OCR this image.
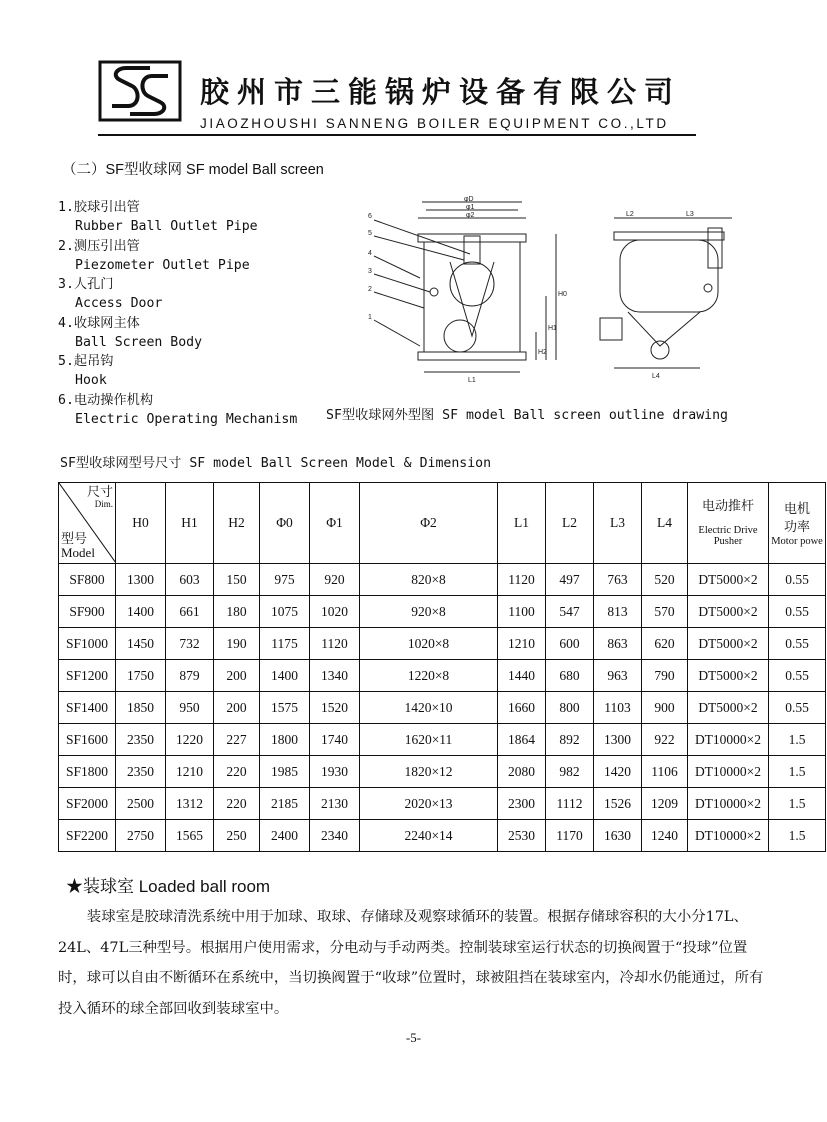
胶州市三能锅炉设备有限公司
JIAOZHOUSHI SANNENG BOILER EQUIPMENT CO.,LTD
（二）SF型收球网 SF model Ball screen
1.胶球引出管
Rubber Ball Outlet Pipe
2.测压引出管
Piezometer Outlet Pipe
3.人孔门
Access Door
4.收球网主体
Ball Screen Body
5.起吊钩
Hook
6.电动操作机构
Electric Operating Mechanism
φD
φ1
φ2
L1
H0
H1
H2
6
5
4
3
2
1
L2	L3
L4
SF型收球网外型图 SF model Ball screen outline drawing
SF型收球网型号尺寸 SF model Ball Screen Model & Dimension
尺寸
Dim.
型号
Model	H0	H1	H2	Φ0	Φ1	Φ2	L1	L2	L3	L4	电动推杆
Electric Drive
Pusher	电机
功率
Motor powe

SF800	1300	603	150	975	920	820×8	1120	497	763	520	DT5000×2	0.55
SF900	1400	661	180	1075	1020	920×8	1100	547	813	570	DT5000×2	0.55
SF1000	1450	732	190	1175	1120	1020×8	1210	600	863	620	DT5000×2	0.55
SF1200	1750	879	200	1400	1340	1220×8	1440	680	963	790	DT5000×2	0.55
SF1400	1850	950	200	1575	1520	1420×10	1660	800	1103	900	DT5000×2	0.55
SF1600	2350	1220	227	1800	1740	1620×11	1864	892	1300	922	DT10000×2	1.5
SF1800	2350	1210	220	1985	1930	1820×12	2080	982	1420	1106	DT10000×2	1.5
SF2000	2500	1312	220	2185	2130	2020×13	2300	1112	1526	1209	DT10000×2	1.5
SF2200	2750	1565	250	2400	2340	2240×14	2530	1170	1630	1240	DT10000×2	1.5
★装球室 Loaded ball room
装球室是胶球清洗系统中用于加球、取球、存储球及观察球循环的装置。根据存储球容积的大小分17L、24L、47L三种型号。根据用户使用需求，分电动与手动两类。控制装球室运行状态的切换阀置于“投球”位置时，球可以自由不断循环在系统中，当切换阀置于“收球”位置时，球被阻挡在装球室内，冷却水仍能通过，所有投入循环的球全部回收到装球室中。
-5-
